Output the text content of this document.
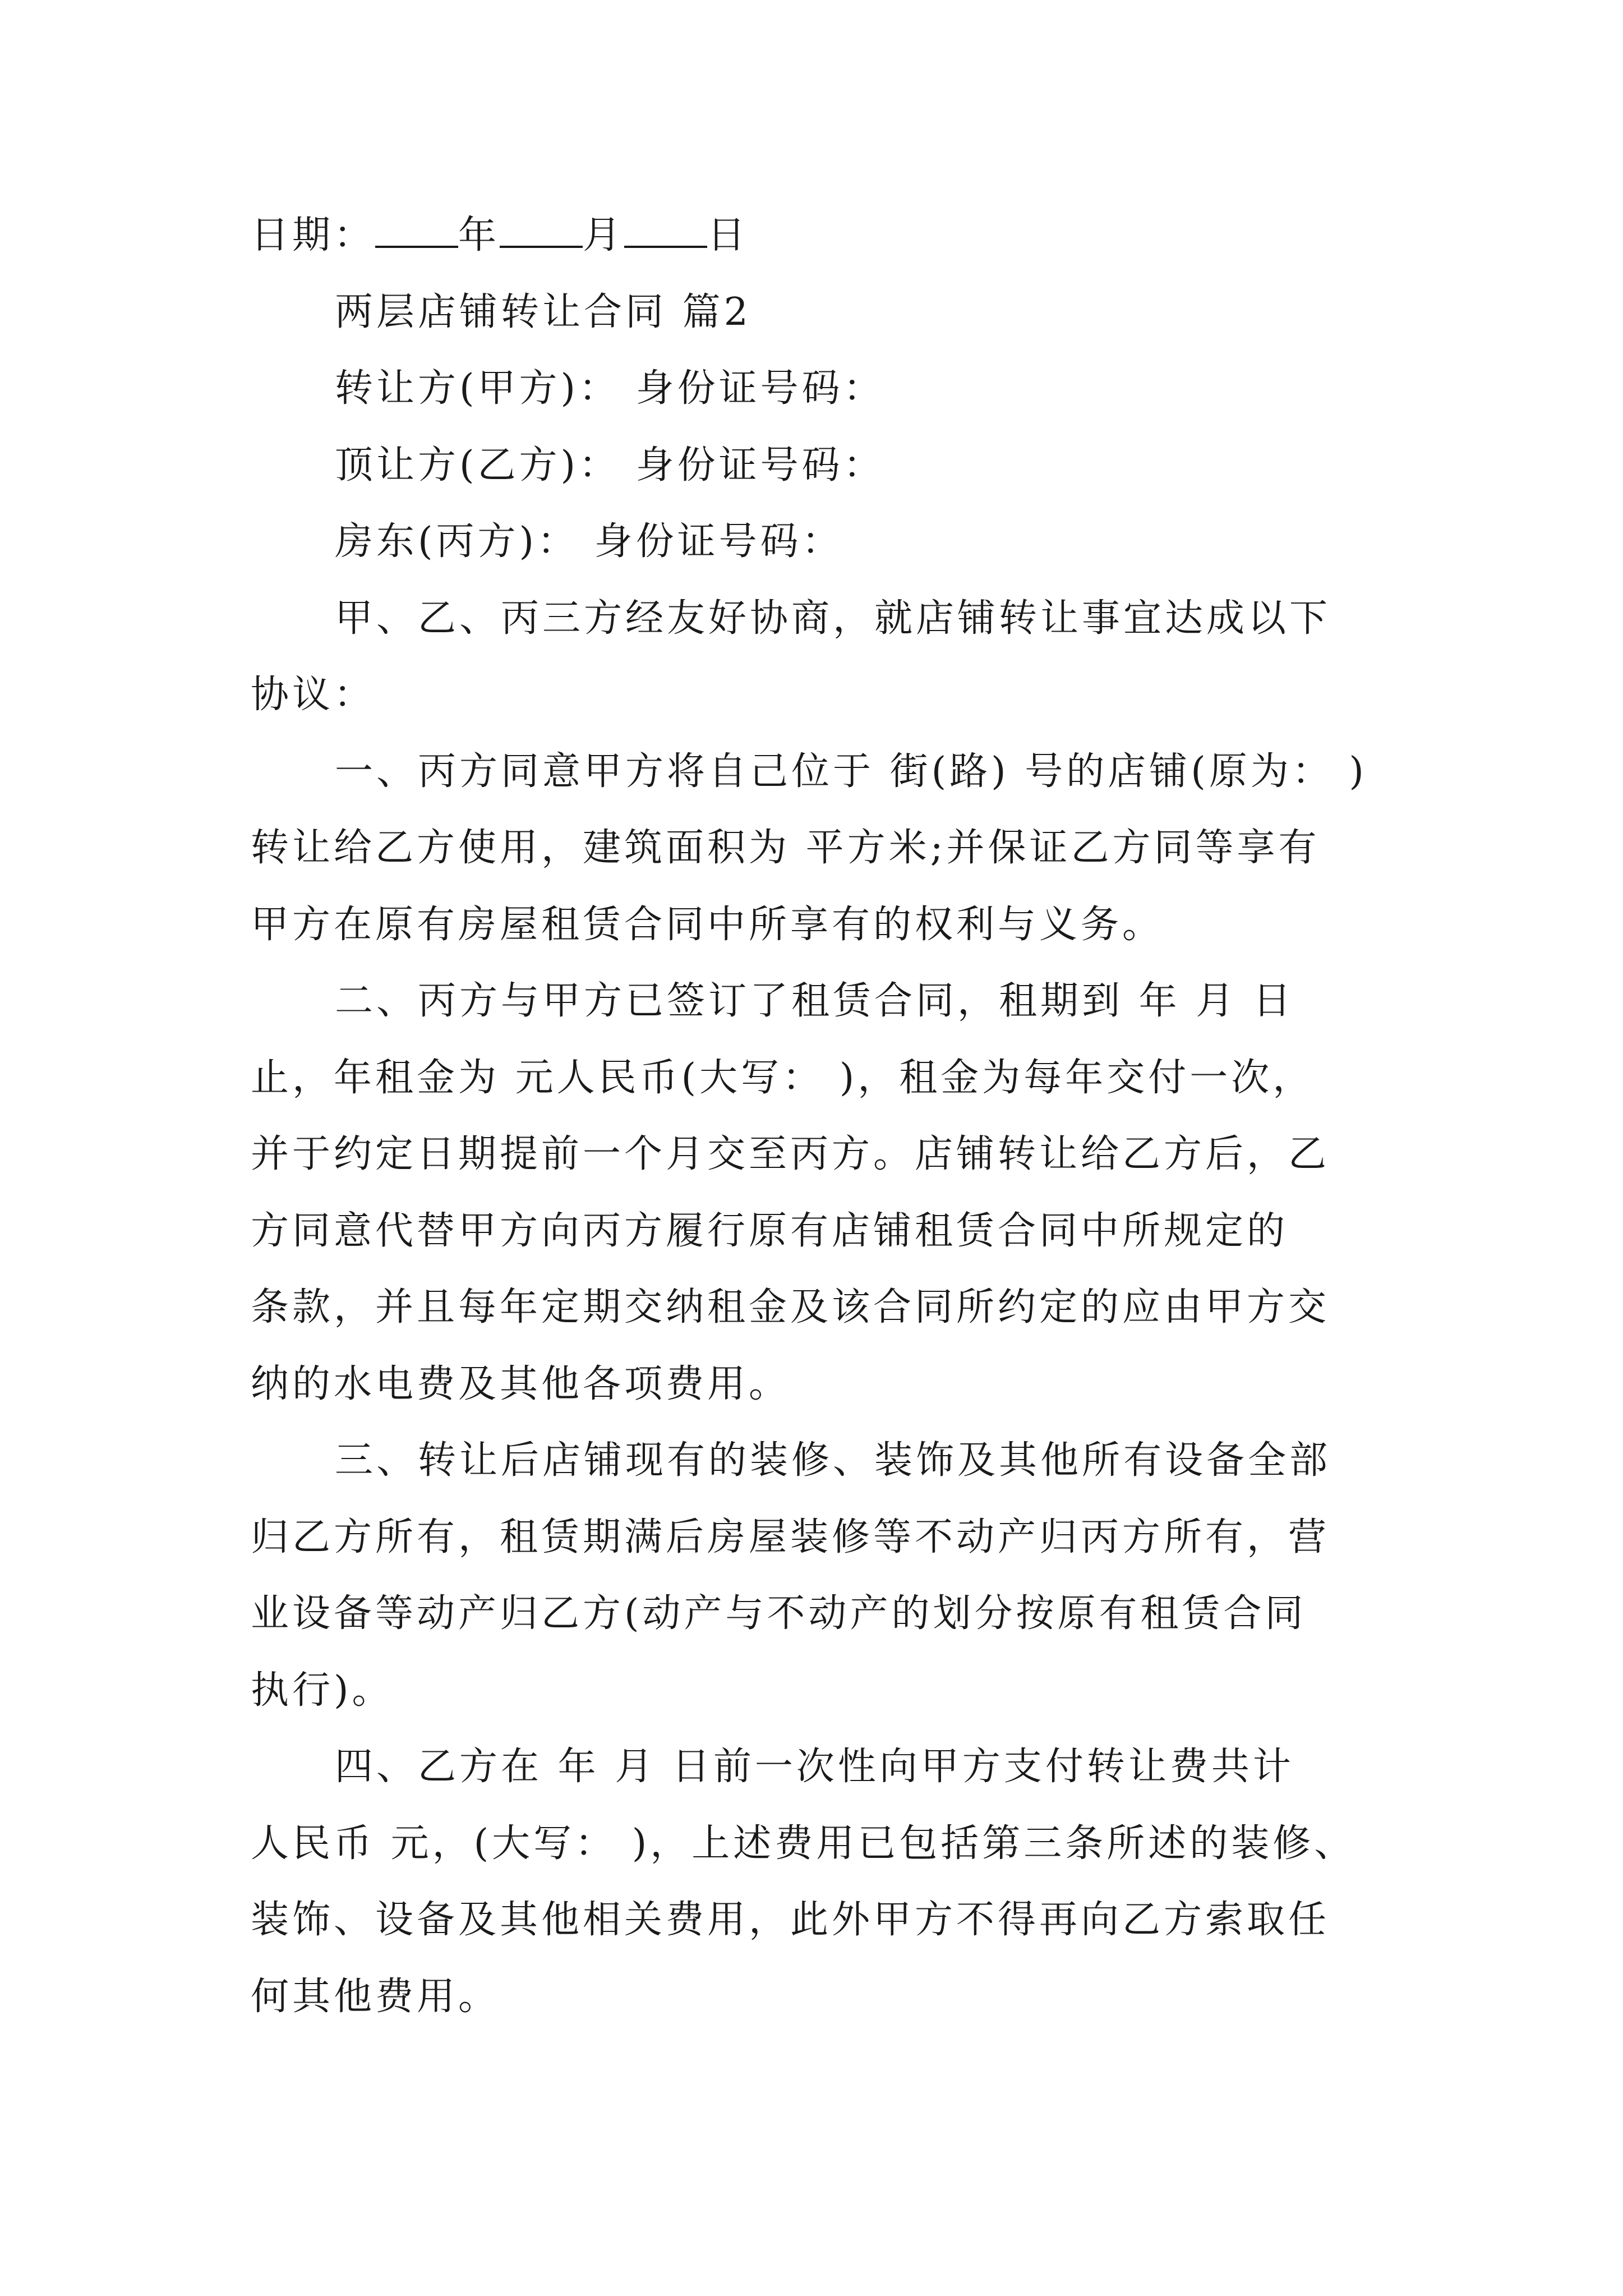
日期： 年 月 日
两层店铺转让合同 篇2
转让方(甲方)： 身份证号码：
顶让方(乙方)： 身份证号码：
房东(丙方)： 身份证号码：
甲、乙、丙三方经友好协商，就店铺转让事宜达成以下
协议：
一、丙方同意甲方将自己位于 街(路) 号的店铺(原为： )
转让给乙方使用，建筑面积为 平方米;并保证乙方同等享有
甲方在原有房屋租赁合同中所享有的权利与义务。
二、丙方与甲方已签订了租赁合同，租期到 年 月 日
止，年租金为 元人民币(大写： )，租金为每年交付一次，
并于约定日期提前一个月交至丙方。店铺转让给乙方后，乙
方同意代替甲方向丙方履行原有店铺租赁合同中所规定的
条款，并且每年定期交纳租金及该合同所约定的应由甲方交
纳的水电费及其他各项费用。
三、转让后店铺现有的装修、装饰及其他所有设备全部
归乙方所有，租赁期满后房屋装修等不动产归丙方所有，营
业设备等动产归乙方(动产与不动产的划分按原有租赁合同
执行)。
四、乙方在 年 月 日前一次性向甲方支付转让费共计
人民币 元，(大写： )，上述费用已包括第三条所述的装修、
装饰、设备及其他相关费用，此外甲方不得再向乙方索取任
何其他费用。
